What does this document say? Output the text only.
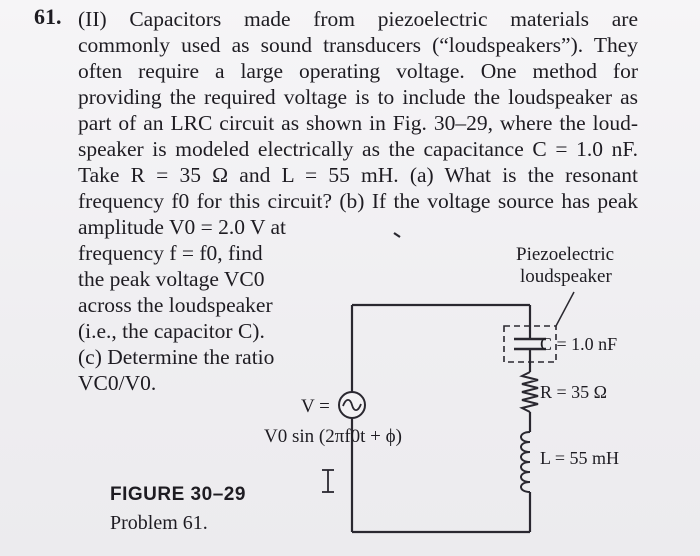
61. (II) Capacitors made from piezoelectric materials are
commonly used as sound transducers (“loudspeakers”). They
often require a large operating voltage. One method for
providing the required voltage is to include the loudspeaker as
part of an LRC circuit as shown in Fig. 30–29, where the loud-
speaker is modeled electrically as the capacitance C = 1.0 nF.
Take R = 35 Ω and L = 55 mH. (a) What is the resonant
frequency f0 for this circuit? (b) If the voltage source has peak
amplitude V0 = 2.0 V at
frequency f = f0, find
the peak voltage VC0
across the loudspeaker
(i.e., the capacitor C).
(c) Determine the ratio
VC0/V0.
Piezoelectric
loudspeaker
C = 1.0 nF
R = 35 Ω
L = 55 mH
V =
V0 sin (2πf0t + ϕ)
FIGURE 30–29
Problem 61.
